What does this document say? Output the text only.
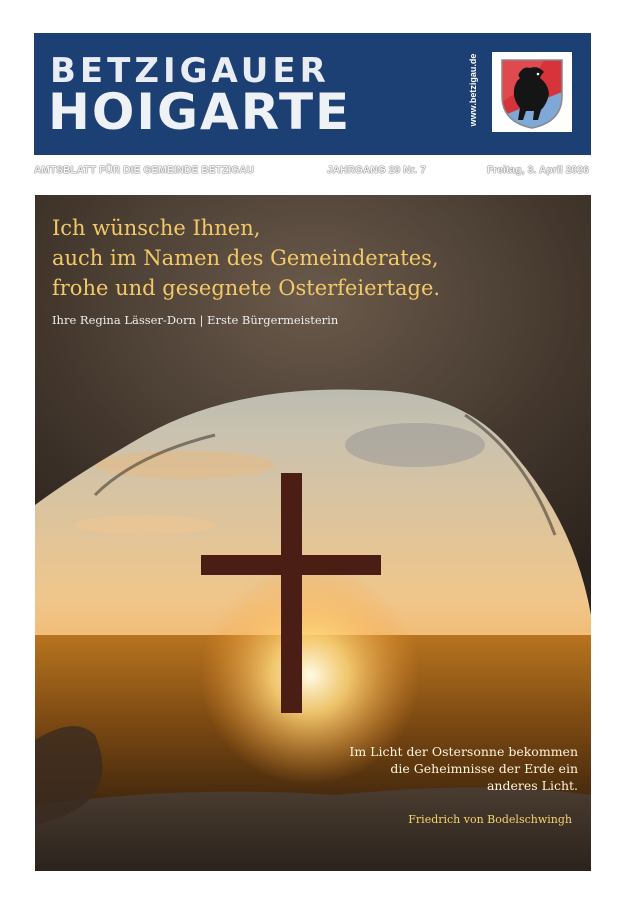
BETZIGAUER
HOIGARTE	www.betzigau.de
AMTSBLATT FÜR DIE GEMEINDE BETZIGAU	JAHRGANG 29 Nr. 7	Freitag, 3. April 2026
Ich wünsche Ihnen,
auch im Namen des Gemeinderates,
frohe und gesegnete Osterfeiertage.
Ihre Regina Lässer-Dorn | Erste Bürgermeisterin
Im Licht der Ostersonne bekommen
die Geheimnisse der Erde ein
anderes Licht.
Friedrich von Bodelschwingh
